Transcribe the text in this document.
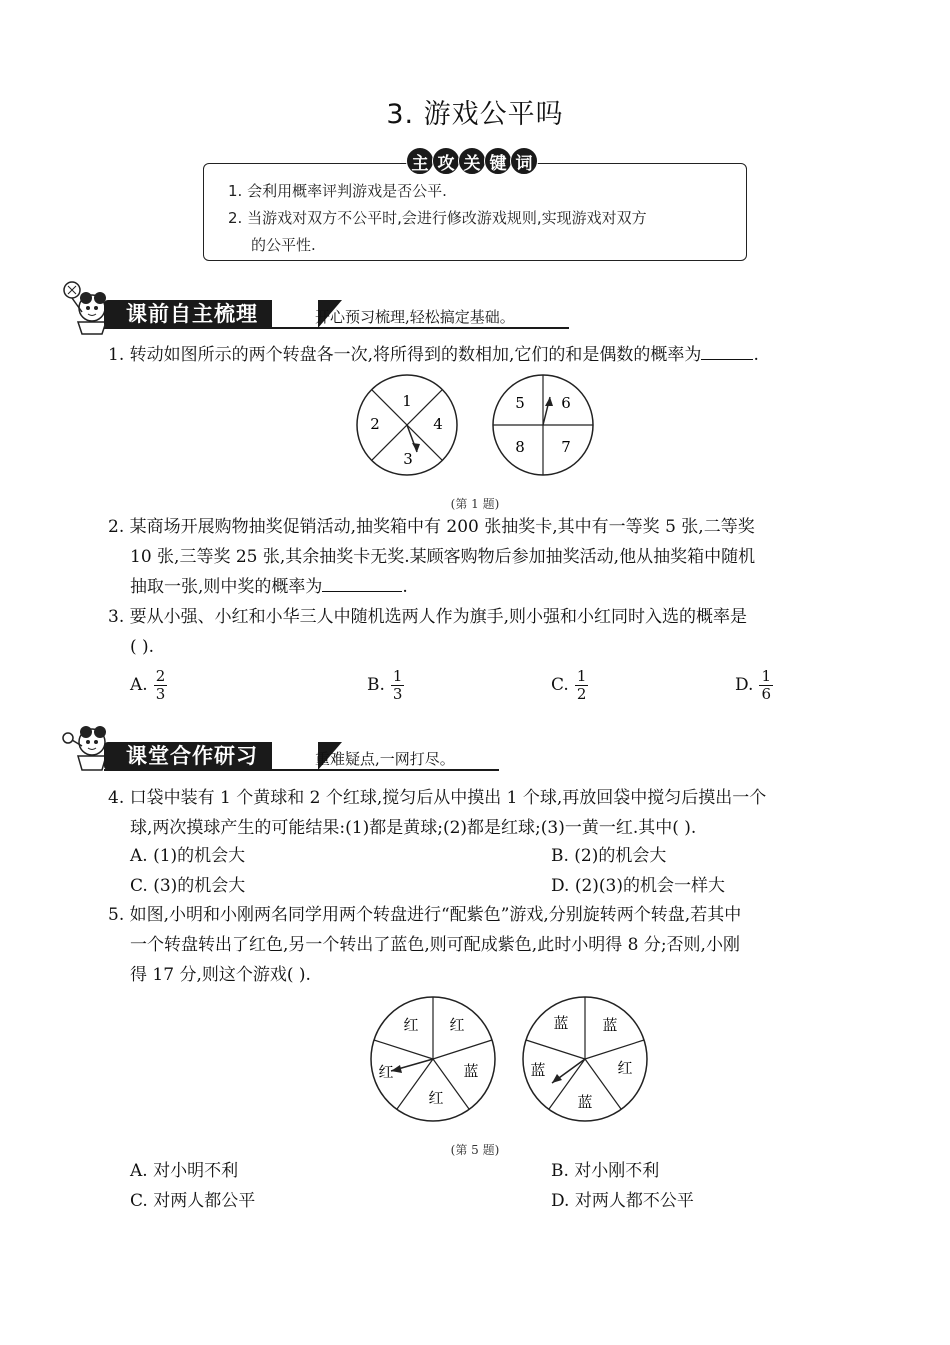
3. 游戏公平吗
主 攻 关 键 词
1. 会利用概率评判游戏是否公平.
2. 当游戏对双方不公平时,会进行修改游戏规则,实现游戏对双方
的公平性.
课前自主梳理	开心预习梳理,轻松搞定基础。
1. 转动如图所示的两个转盘各一次,将所得到的数相加,它们的和是偶数的概率为	.
1
4
3
2
5 6
7
8
(第 1 题)
2. 某商场开展购物抽奖促销活动,抽奖箱中有 200 张抽奖卡,其中有一等奖 5 张,二等奖
10 张,三等奖 25 张,其余抽奖卡无奖.某顾客购物后参加抽奖活动,他从抽奖箱中随机
抽取一张,则中奖的概率为	.
3. 要从小强、小红和小华三人中随机选两人作为旗手,则小强和小红同时入选的概率是
( ).
A. $\frac{2}{3}$	B. $\frac{1}{3}$	C. $\frac{1}{2}$	D. $\frac{1}{6}$
课堂合作研习	重难疑点,一网打尽。
4. 口袋中装有 1 个黄球和 2 个红球,搅匀后从中摸出 1 个球,再放回袋中搅匀后摸出一个
球,两次摸球产生的可能结果:(1)都是黄球;(2)都是红球;(3)一黄一红.其中( ).
A. (1)的机会大	B. (2)的机会大
C. (3)的机会大	D. (2)(3)的机会一样大
5. 如图,小明和小刚两名同学用两个转盘进行“配紫色”游戏,分别旋转两个转盘,若其中
一个转盘转出了红色,另一个转出了蓝色,则可配成紫色,此时小明得 8 分;否则,小刚
得 17 分,则这个游戏( ).
红 红
蓝
红
红
蓝 蓝
红
蓝
蓝
(第 5 题)
A. 对小明不利	B. 对小刚不利
C. 对两人都公平	D. 对两人都不公平
